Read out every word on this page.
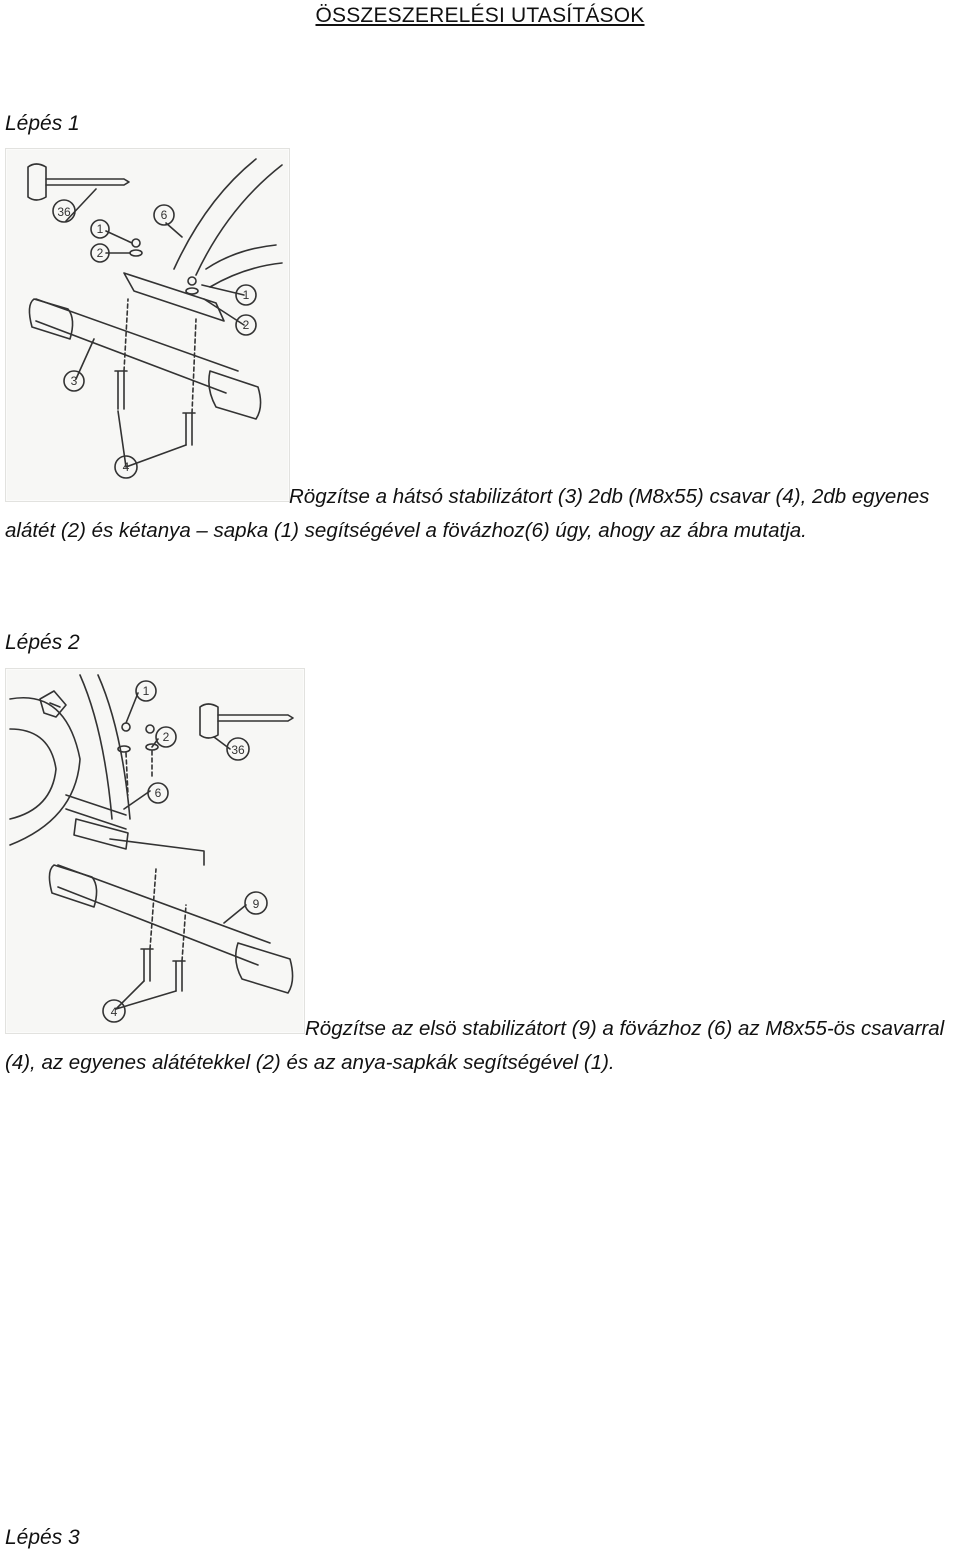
ÖSSZESZERELÉSI UTASÍTÁSOK
Lépés 1
36
1
2
6
1
2
3
4
Rögzítse a hátsó stabilizátort (3) 2db (M8x55) csavar (4), 2db egyenes alátét (2) és kétanya – sapka (1) segítségével a fövázhoz(6) úgy, ahogy az ábra mutatja.
Lépés 2
1
2
36
6
9
4
Rögzítse az elsö stabilizátort (9) a fövázhoz (6) az M8x55-ös csavarral (4), az egyenes alátétekkel (2) és az anya-sapkák segítségével (1).
Lépés 3
